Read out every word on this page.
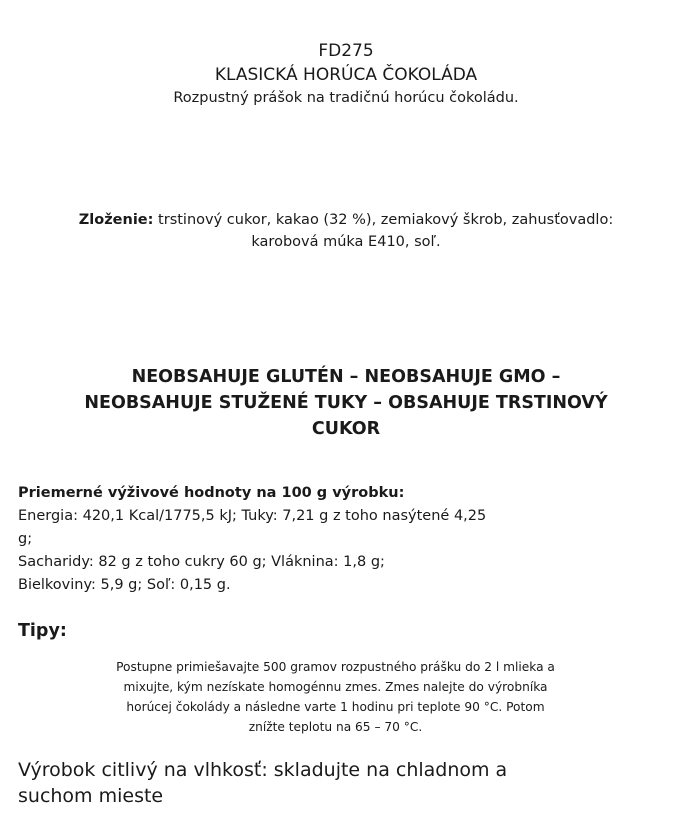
FD275
KLASICKÁ HORÚCA ČOKOLÁDA
Rozpustný prášok na tradičnú horúcu čokoládu.
Zloženie: trstinový cukor, kakao (32 %), zemiakový škrob, zahusťovadlo: karobová múka E410, soľ.
NEOBSAHUJE GLUTÉN – NEOBSAHUJE GMO –
NEOBSAHUJE STUŽENÉ TUKY – OBSAHUJE TRSTINOVÝ
CUKOR
Priemerné výživové hodnoty na 100 g výrobku:
Energia: 420,1 Kcal/1775,5 kJ; Tuky: 7,21 g z toho nasýtené 4,25
g;
Sacharidy: 82 g z toho cukry 60 g; Vláknina: 1,8 g;
Bielkoviny: 5,9 g; Soľ: 0,15 g.
Tipy:
Postupne primiešavajte 500 gramov rozpustného prášku do 2 l mlieka a
mixujte, kým nezískate homogénnu zmes. Zmes nalejte do výrobníka
horúcej čokolády a následne varte 1 hodinu pri teplote 90 °C. Potom
znížte teplotu na 65 – 70 °C.
Výrobok citlivý na vlhkosť: skladujte na chladnom a
suchom mieste
